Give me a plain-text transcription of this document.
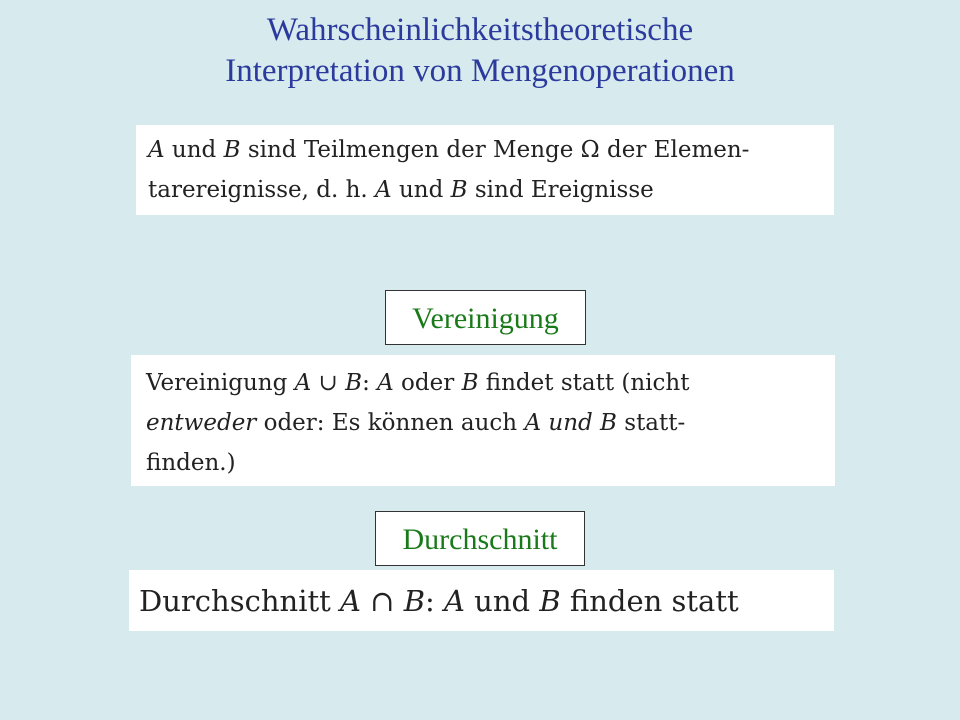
Wahrscheinlichkeitstheoretische
Interpretation von Mengenoperationen
A und B sind Teilmengen der Menge Ω der Elemen-
tarereignisse, d. h. A und B sind Ereignisse
Vereinigung
Vereinigung A ∪ B: A oder B findet statt (nicht
entweder oder: Es können auch A und B statt-
finden.)
Durchschnitt
Durchschnitt A ∩ B: A und B finden statt
